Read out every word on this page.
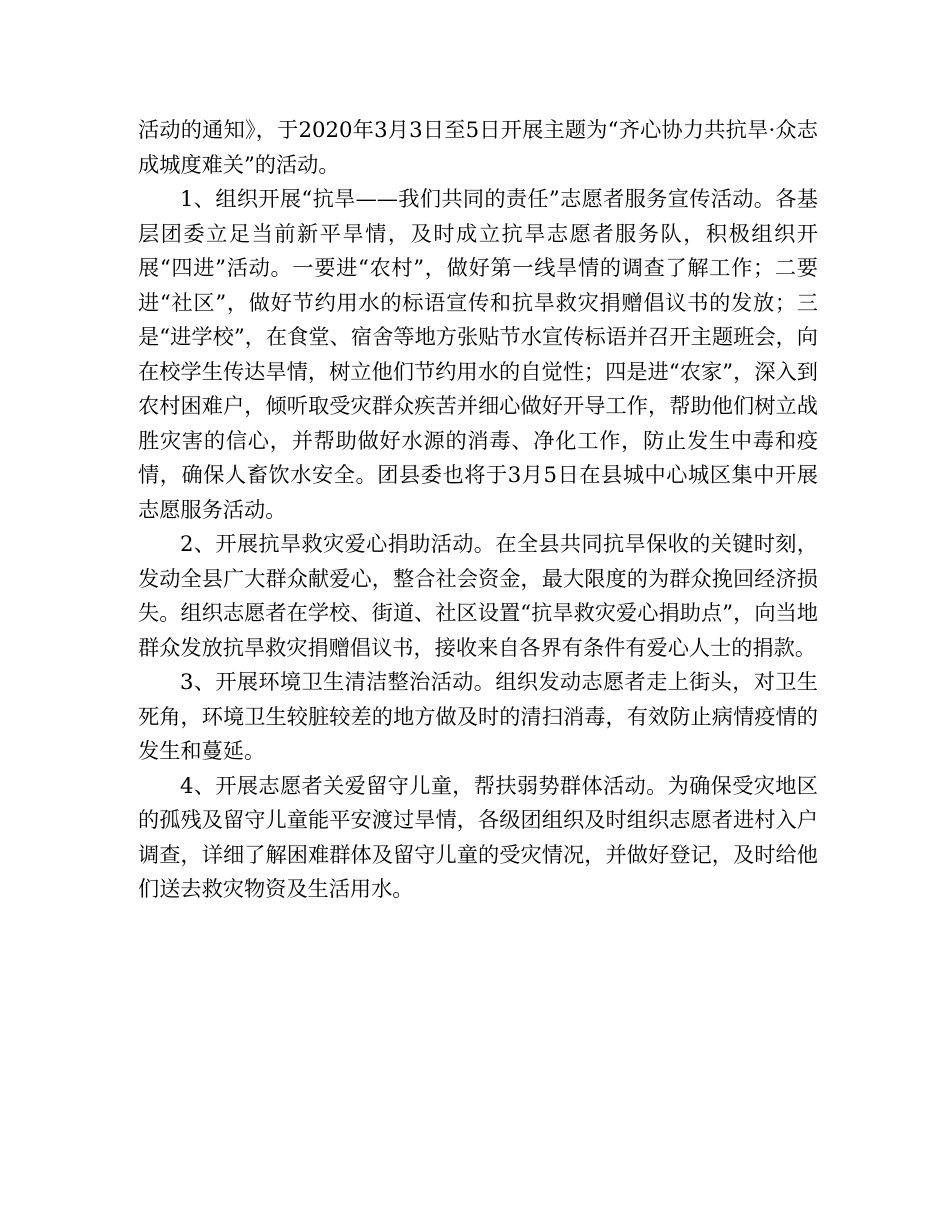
活动的通知》，于2020年3月3日至5日开展主题为“齐心协力共抗旱·众志成城度难关”的活动。

1、组织开展“抗旱——我们共同的责任”志愿者服务宣传活动。各基层团委立足当前新平旱情，及时成立抗旱志愿者服务队，积极组织开展“四进”活动。一要进“农村”，做好第一线旱情的调查了解工作；二要进“社区”，做好节约用水的标语宣传和抗旱救灾捐赠倡议书的发放；三是“进学校”，在食堂、宿舍等地方张贴节水宣传标语并召开主题班会，向在校学生传达旱情，树立他们节约用水的自觉性；四是进“农家”，深入到农村困难户，倾听取受灾群众疾苦并细心做好开导工作，帮助他们树立战胜灾害的信心，并帮助做好水源的消毒、净化工作，防止发生中毒和疫情，确保人畜饮水安全。团县委也将于3月5日在县城中心城区集中开展志愿服务活动。

2、开展抗旱救灾爱心捐助活动。在全县共同抗旱保收的关键时刻，发动全县广大群众献爱心，整合社会资金，最大限度的为群众挽回经济损失。组织志愿者在学校、街道、社区设置“抗旱救灾爱心捐助点”，向当地群众发放抗旱救灾捐赠倡议书，接收来自各界有条件有爱心人士的捐款。

3、开展环境卫生清洁整治活动。组织发动志愿者走上街头，对卫生死角，环境卫生较脏较差的地方做及时的清扫消毒，有效防止病情疫情的发生和蔓延。

4、开展志愿者关爱留守儿童，帮扶弱势群体活动。为确保受灾地区的孤残及留守儿童能平安渡过旱情，各级团组织及时组织志愿者进村入户调查，详细了解困难群体及留守儿童的受灾情况，并做好登记，及时给他们送去救灾物资及生活用水。
